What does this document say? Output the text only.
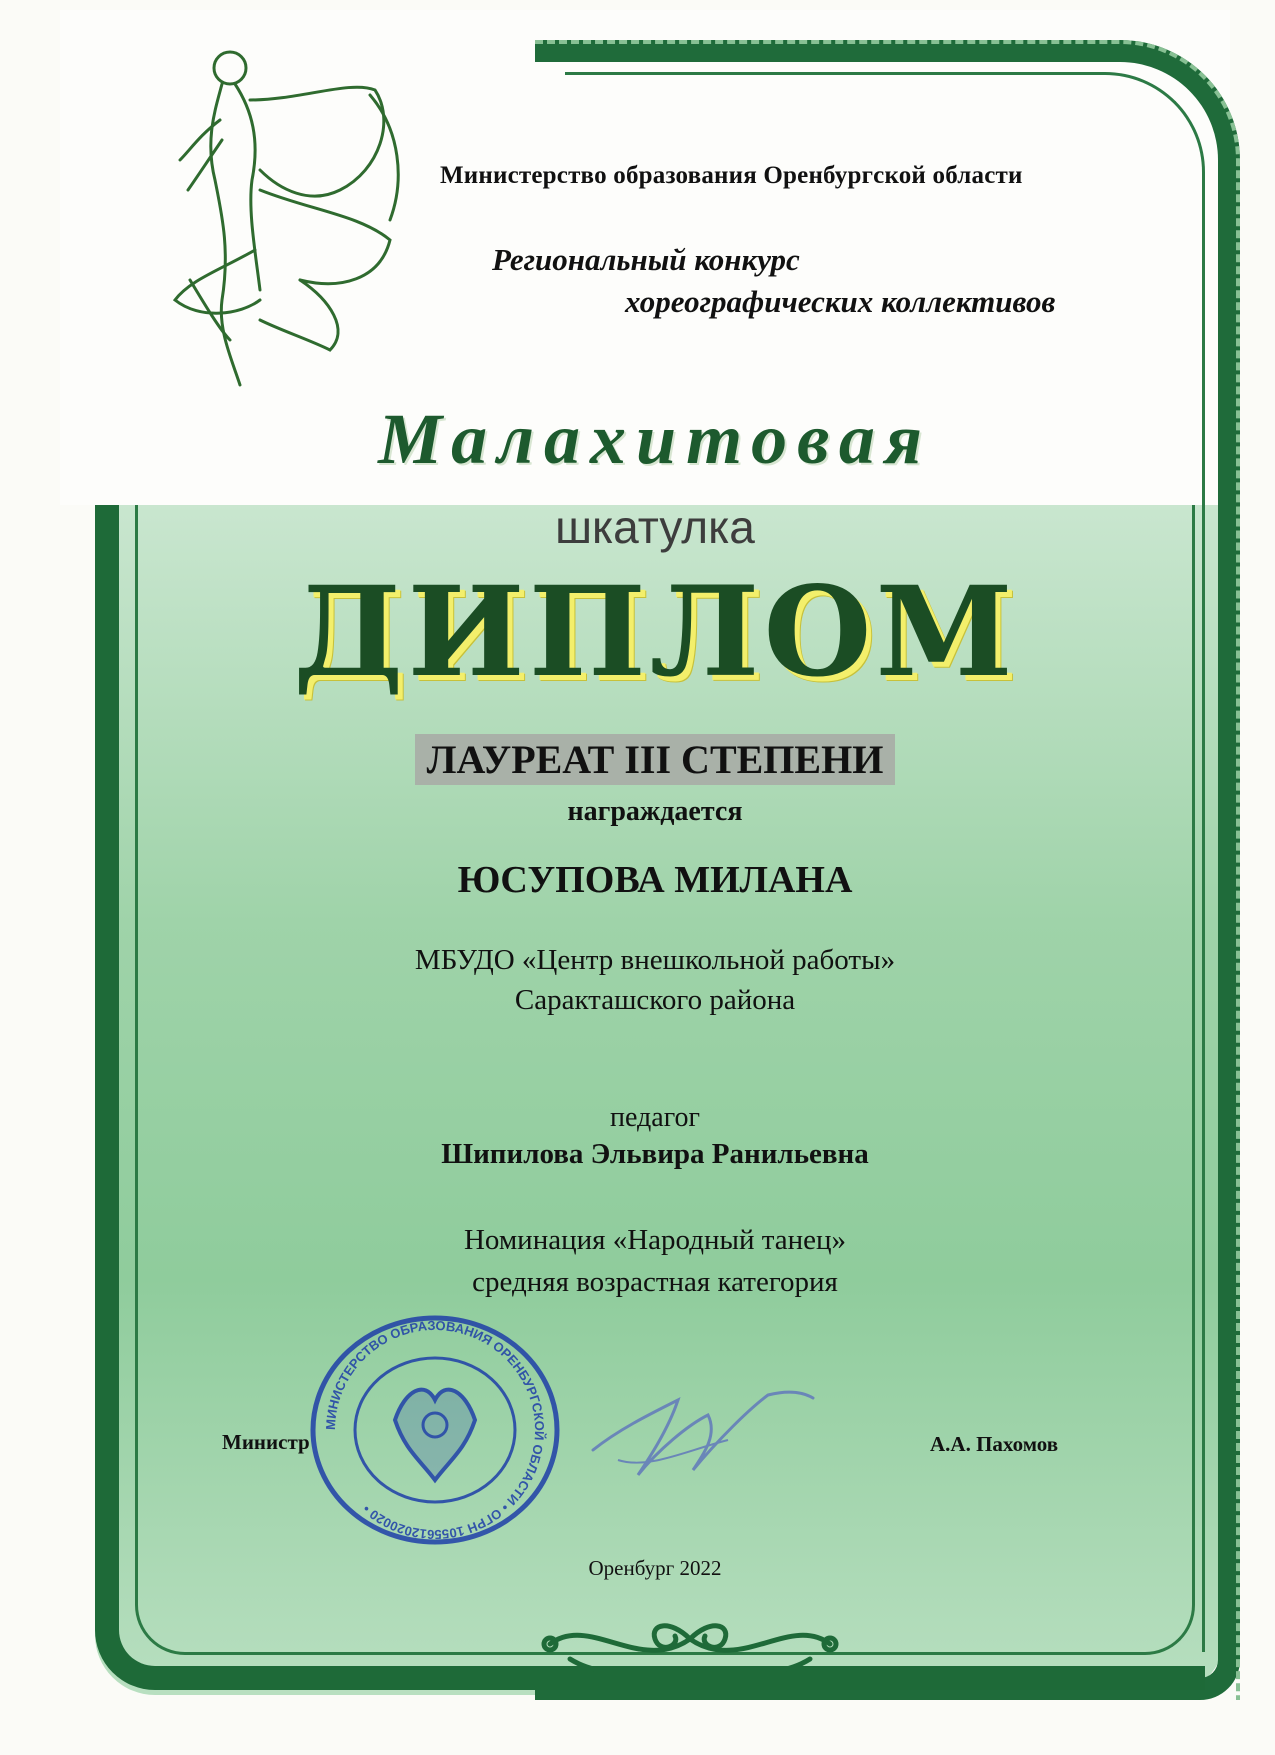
Министерство образования Оренбургской области
Региональный конкурс
хореографических коллективов
Малахитовая
шкатулка
ДИПЛОМ
ЛАУРЕАТ III СТЕПЕНИ
награждается
ЮСУПОВА МИЛАНА
МБУДО «Центр внешкольной работы»
Саракташского района
педагог
Шипилова Эльвира Ранильевна
Номинация «Народный танец»
средняя возрастная категория
МИНИСТЕРСТВО ОБРАЗОВАНИЯ ОРЕНБУРГСКОЙ ОБЛАСТИ • ОГРН 1055612020020 •
Министр	А.А. Пахомов
Оренбург 2022
